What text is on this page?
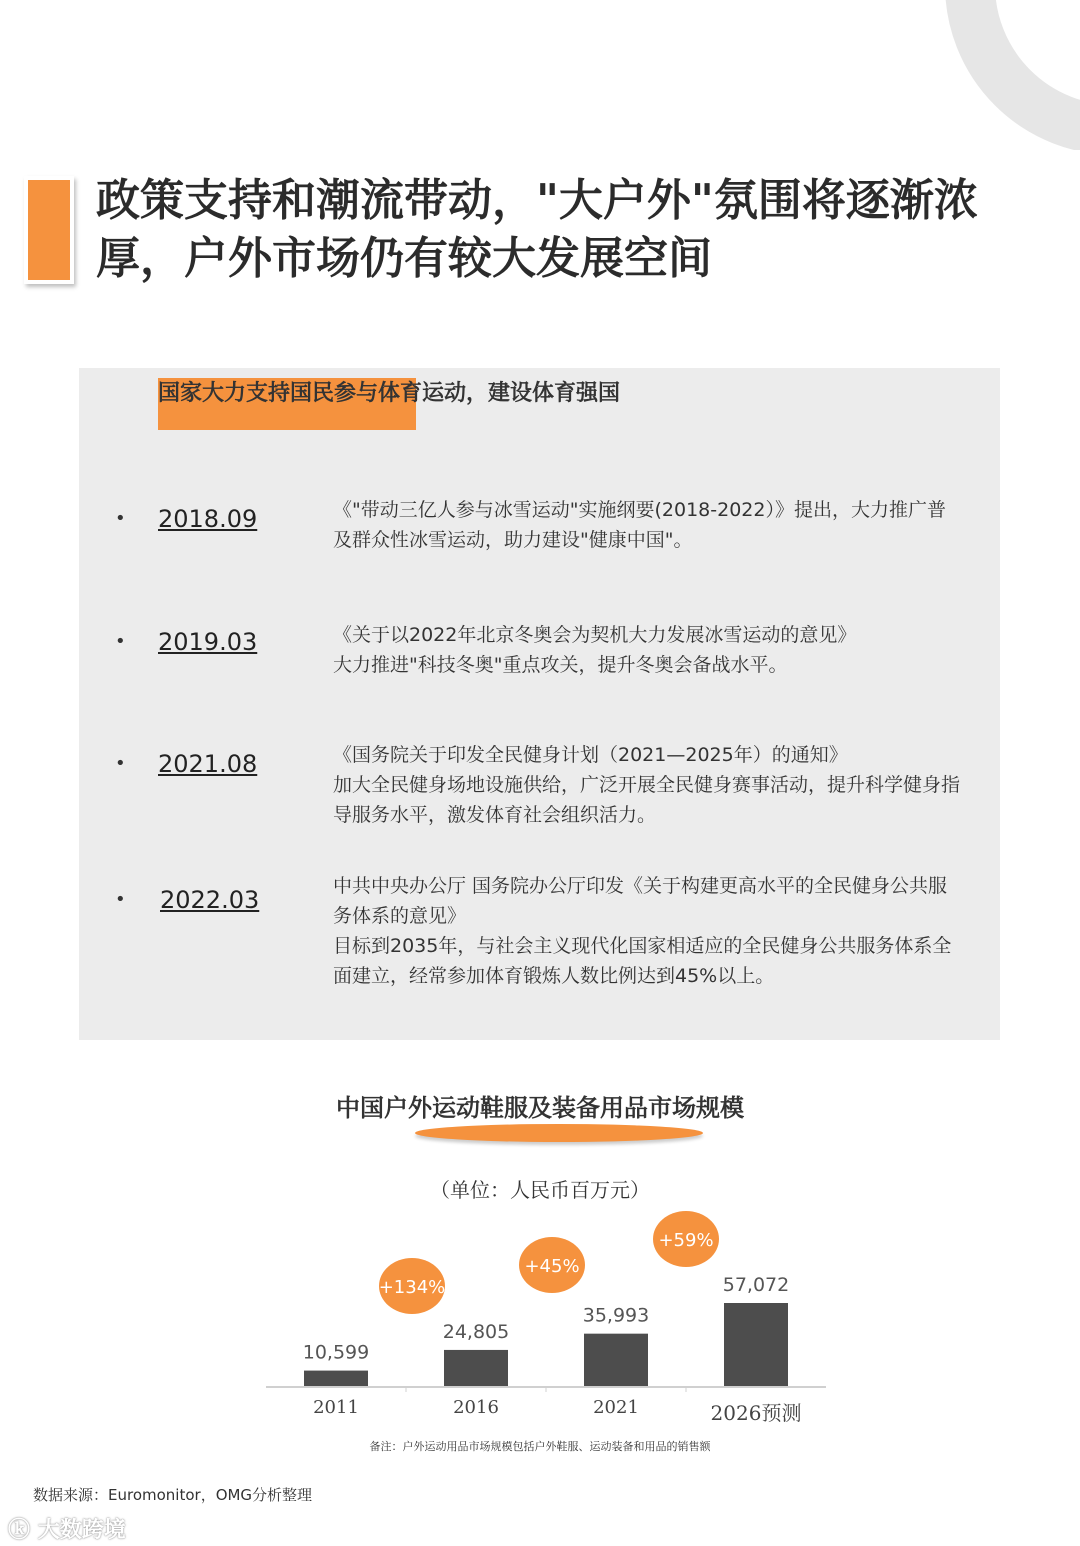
政策支持和潮流带动，"大户外"氛围将逐渐浓厚，户外市场仍有较大发展空间
国家大力支持国民参与体育运动，建设体育强国
• 2018.09	《"带动三亿人参与冰雪运动"实施纲要(2018-2022）》提出，大力推广普及群众性冰雪运动，助力建设"健康中国"。
• 2019.03	《关于以2022年北京冬奥会为契机大力发展冰雪运动的意见》
大力推进"科技冬奥"重点攻关，提升冬奥会备战水平。
• 2021.08	《国务院关于印发全民健身计划（2021—2025年）的通知》
加大全民健身场地设施供给，广泛开展全民健身赛事活动，提升科学健身指导服务水平，激发体育社会组织活力。
• 2022.03	中共中央办公厅 国务院办公厅印发《关于构建更高水平的全民健身公共服务体系的意见》
目标到2035年，与社会主义现代化国家相适应的全民健身公共服务体系全面建立，经常参加体育锻炼人数比例达到45%以上。
中国户外运动鞋服及装备用品市场规模
（单位：人民币百万元）
10,599
2011
24,805
2016
35,993
2021
57,072
2026预测
+134%
+45%
+59%
备注：户外运动用品市场规模包括户外鞋服、运动装备和用品的销售额
数据来源：Euromonitor，OMG分析整理
ⓚ 大数跨境
